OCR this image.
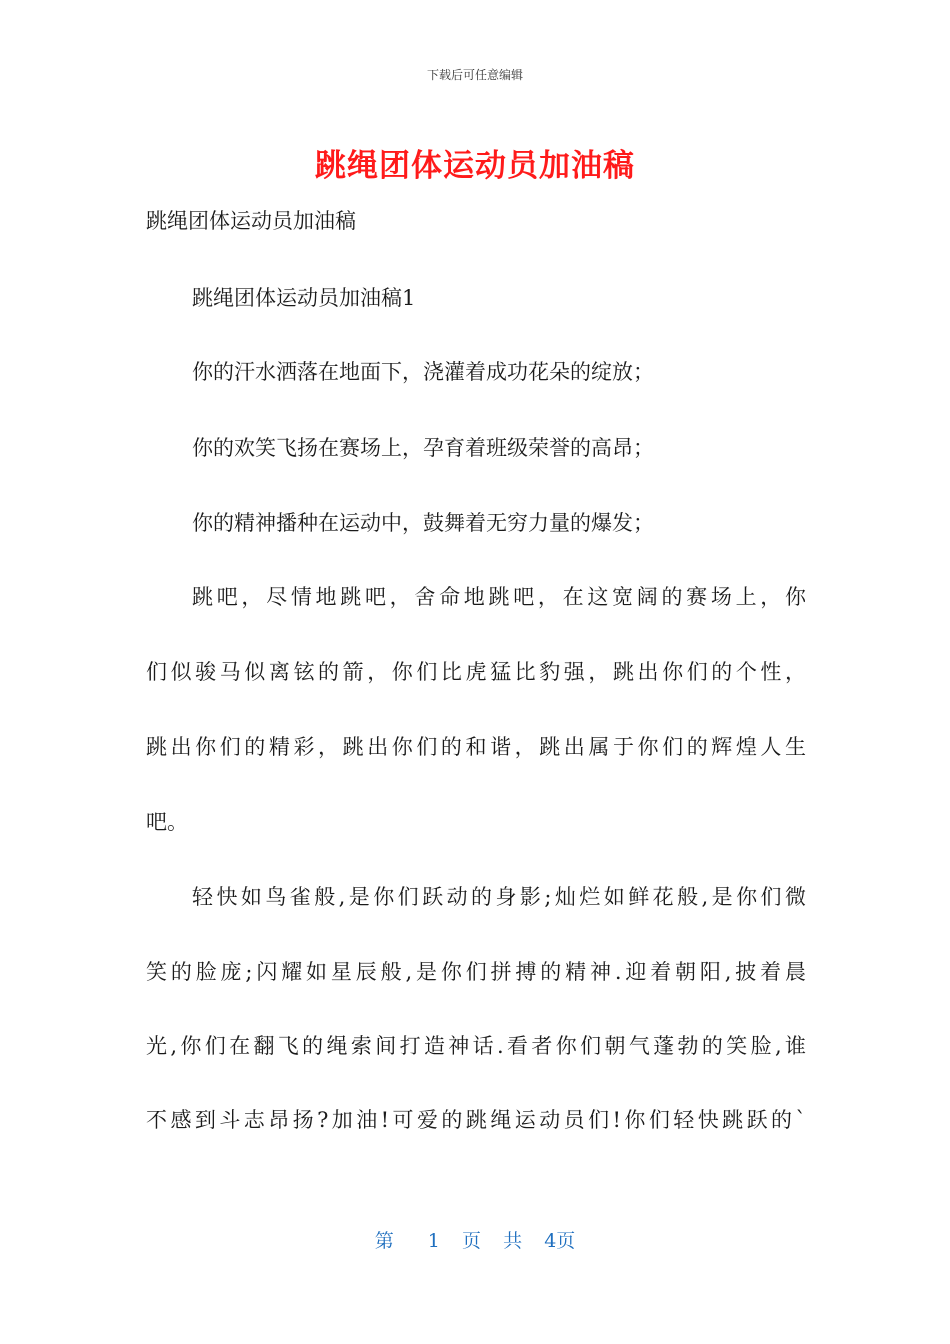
下载后可任意编辑
跳绳团体运动员加油稿
跳绳团体运动员加油稿
跳绳团体运动员加油稿1
你的汗水洒落在地面下，浇灌着成功花朵的绽放；
你的欢笑飞扬在赛场上，孕育着班级荣誉的高昂；
你的精神播种在运动中，鼓舞着无穷力量的爆发；
跳吧，尽情地跳吧，舍命地跳吧，在这宽阔的赛场上，你
们似骏马似离铉的箭，你们比虎猛比豹强，跳出你们的个性，
跳出你们的精彩，跳出你们的和谐，跳出属于你们的辉煌人生
吧。
轻快如鸟雀般,是你们跃动的身影;灿烂如鲜花般,是你们微
笑的脸庞;闪耀如星辰般,是你们拼搏的精神.迎着朝阳,披着晨
光,你们在翻飞的绳索间打造神话.看者你们朝气蓬勃的笑脸,谁
不感到斗志昂扬?加油!可爱的跳绳运动员们!你们轻快跳跃的`
第 1 页 共 4页
